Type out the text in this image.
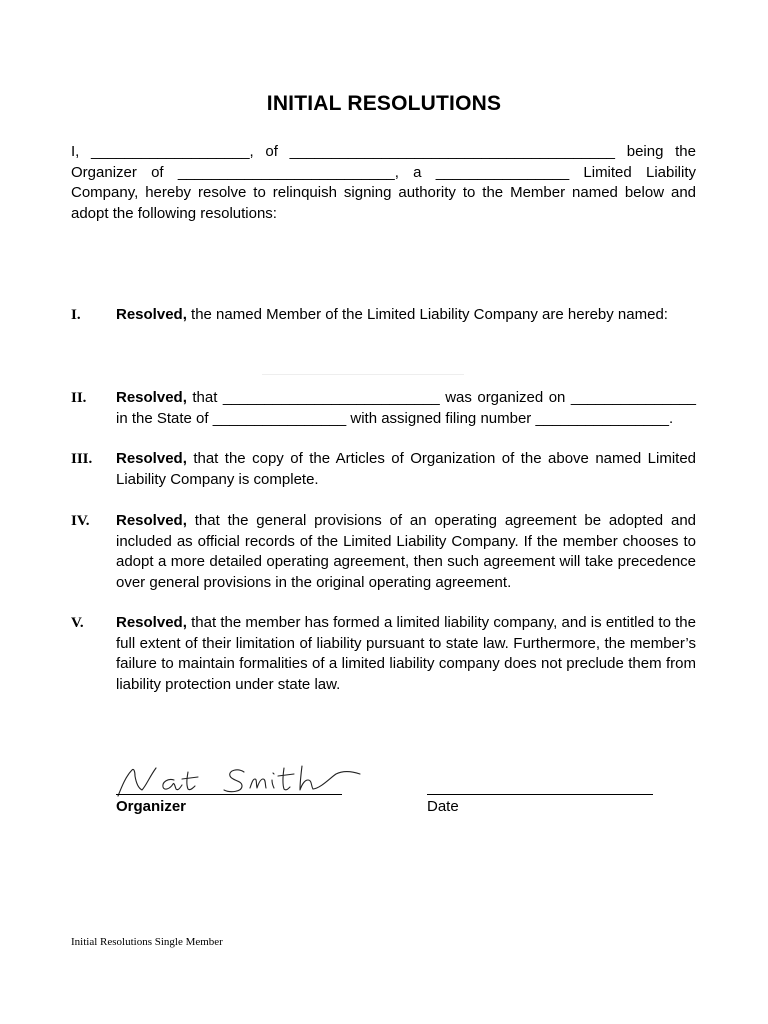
INITIAL RESOLUTIONS
I, ___________________, of _______________________________________ being the Organizer of __________________________, a ________________ Limited Liability Company, hereby resolve to relinquish signing authority to the Member named below and adopt the following resolutions:
I. Resolved, the named Member of the Limited Liability Company are hereby named:
II. Resolved, that __________________________ was organized on _______________ in the State of ________________ with assigned filing number ________________.
III. Resolved, that the copy of the Articles of Organization of the above named Limited Liability Company is complete.
IV. Resolved, that the general provisions of an operating agreement be adopted and included as official records of the Limited Liability Company. If the member chooses to adopt a more detailed operating agreement, then such agreement will take precedence over general provisions in the original operating agreement.
V. Resolved, that the member has formed a limited liability company, and is entitled to the full extent of their limitation of liability pursuant to state law. Furthermore, the member’s failure to maintain formalities of a limited liability company does not preclude them from liability protection under state law.
Organizer	Date
Initial Resolutions Single Member
